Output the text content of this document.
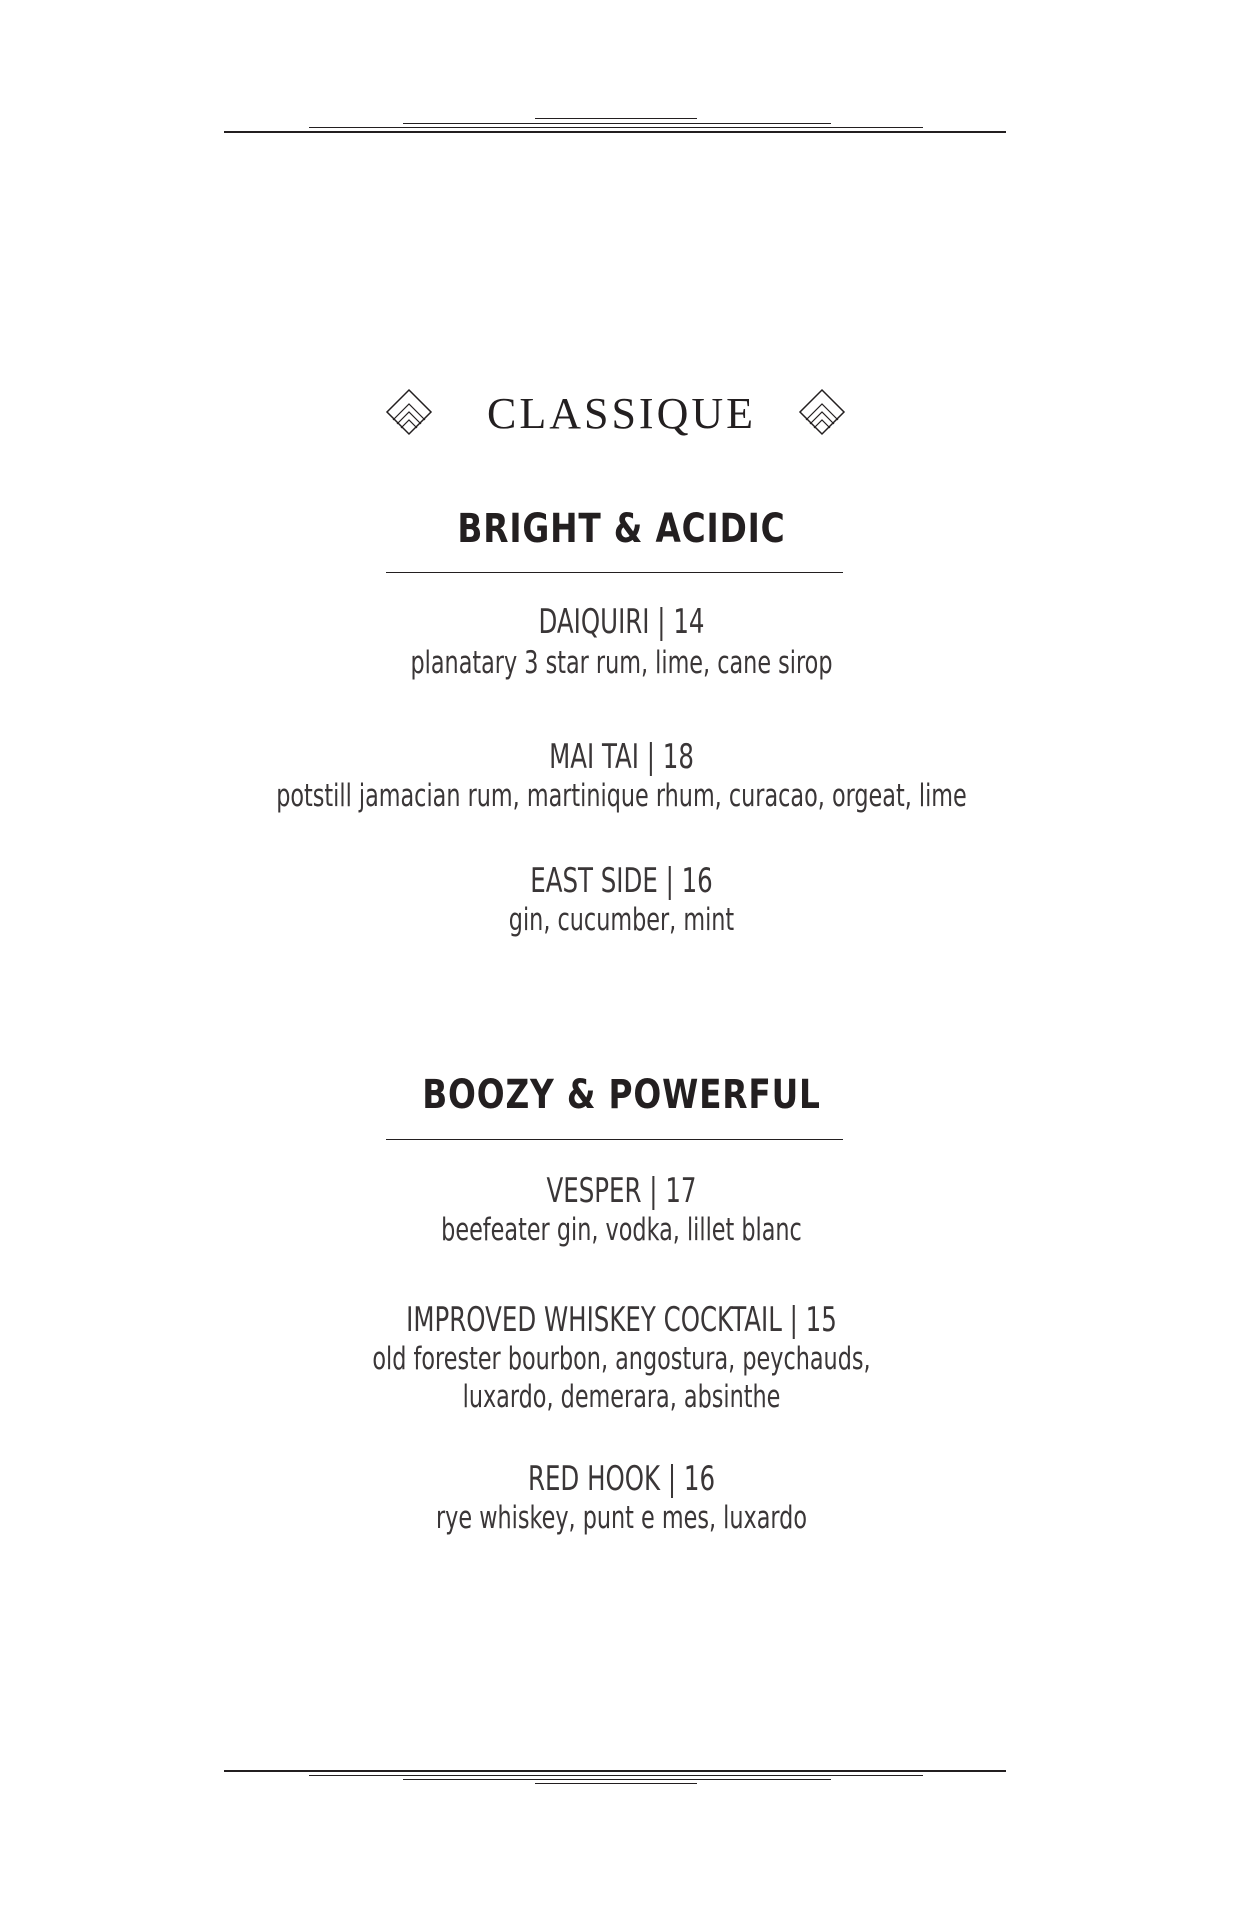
CLASSIQUE
BRIGHT & ACIDIC
DAIQUIRI | 14
planatary 3 star rum, lime, cane sirop
MAI TAI | 18
potstill jamacian rum, martinique rhum, curacao, orgeat, lime
EAST SIDE | 16
gin, cucumber, mint
BOOZY & POWERFUL
VESPER | 17
beefeater gin, vodka, lillet blanc
IMPROVED WHISKEY COCKTAIL | 15
old forester bourbon, angostura, peychauds,
luxardo, demerara, absinthe
RED HOOK | 16
rye whiskey, punt e mes, luxardo
